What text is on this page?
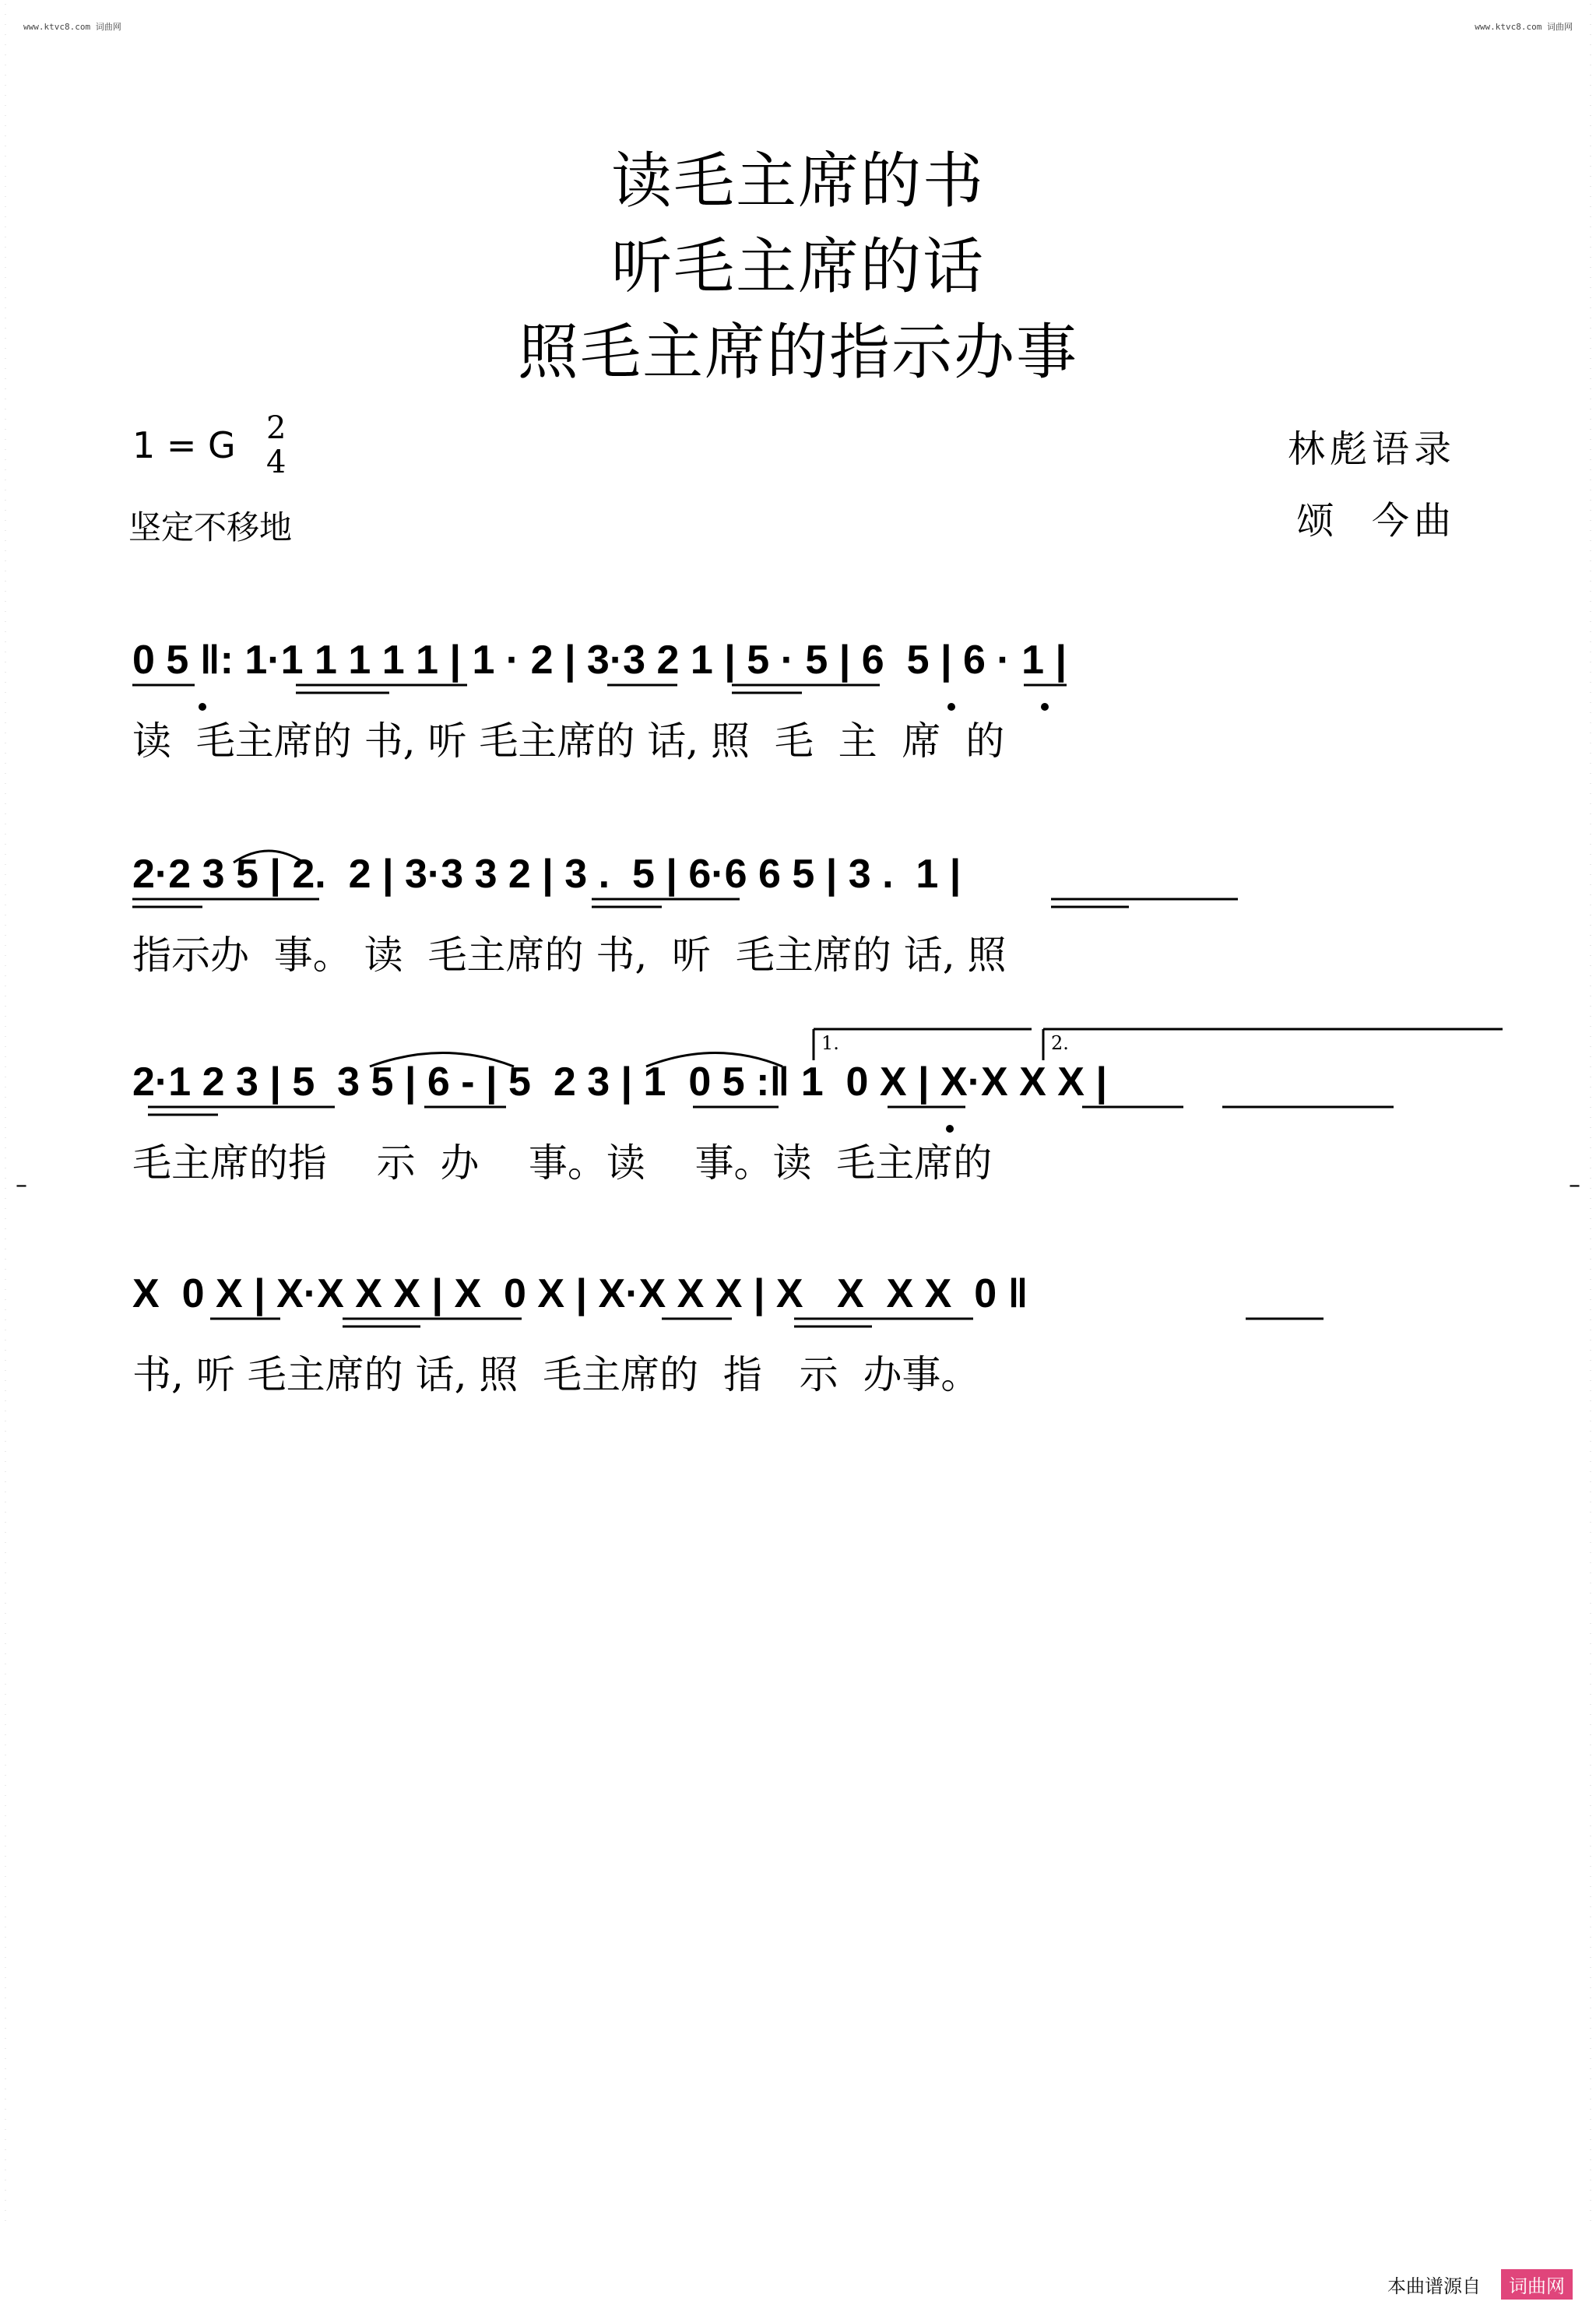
·
·
·
·
·
·
·
·
·
·
·
·
·
·
·
·
·
·
·
·
·
·
·
·
·
·
·
·
·
·
·
·
·
·
·
·
·
·
·
·
·
·
·
·
·
·
·
·
·
·
·
·
·
·
·
·
·
·
·
·
·
·
·
·
·
·
·
·
·
·
·
·
·
·
·
·
·
·
·
·
·
·
·
·
·
·
·
·
·
·
·
·
·
·
·
·
·
·
·
·
·
·
·
·
·
·
·
·
·
·
·
·
·
·
·
·
·
·
·
·
·
·
·
·
·
·
·
·
·
·
·
·
·
·
·
·
·
·
·
·
·
·
·
·
·
·
·
·
·
·
·
·
·
·
·
·
·
·
·
·
·
·
·
·
·
·
·
·
·
·
·
·
·
·
·
·
·
·
·
·
·
·
·
·
·
·
·
·
·
·
·
·
·
·
·
·
·
·
·
·
·
·
·
·
·
·
·
·
·
·
·
·
·
·
·
·
·
·
·
·
·
·
·
·
·
·
·
·
·
·
·
·
·
·
·
·
·
·
·
·
·
·
·
·
·
·
·
·
·
·
·
·
·
·
·
·
·
·
·
·
·
·
·
·
·
·
·
·
·
·
·
·
·
·
·
·
·
·
·
·
·
·
·
·
·
·
·
·
·
·
·
·
·
·
·
·
·
·
·
·
·
·
·
·
·
·
·
·
·
·
·
·
·
·
·
·
·
·
·
·
·
·
·
·
·
·
·
·
·
·
·
·
·
·
·
·
·
·
·
·
·
·
·
·
·
·
·
·
·
·
·
·
·
·
·
·
·
·
·
·
·
·
·
·
·
·
·
·
·
·
·
·
·
·
·
·
·
·
·
·
·
·
·
·
·
·
·
·
·
·
·
·
·
·
·
·
·
·
·
·
·
·
·
·
·
·
·
·
·
·
·
·
·
·
·
·
·
·
·
·
·
·
·
·
·
·
·
·
·
·
·
·
·
·
·
·
·
·
·
·
www.ktvc8.com 词曲网	www.ktvc8.com 词曲网
读毛主席的书
听毛主席的话
照毛主席的指示办事
1 = G 2
4	林彪语录
颂  今曲
坚定不移地
0 5 ‖: 1·1 1 1 1 1 | 1 · 2 | 3·3 2 1 | 5 · 5 | 6  5 | 6 · 1 |
读  毛主席的 书, 听 毛主席的 话, 照  毛  主  席  的
2·2 3 5 | 2.  2 | 3·3 3 2 | 3 .  5 | 6·6 6 5 | 3 .  1 |
指示办  事。 读  毛主席的 书,  听  毛主席的 话, 照
2·1 2 3 | 5  3 5 | 6 - | 5  2 3 | 1  0 5 :‖ 1  0 X | X·X X X |
1.	2.
毛主席的指    示  办    事。读    事。读  毛主席的
X  0 X | X·X X X | X  0 X | X·X X X | X   X  X X  0 ‖
书, 听 毛主席的 话, 照  毛主席的  指   示  办事。
–	–
本曲谱源自	词曲网
